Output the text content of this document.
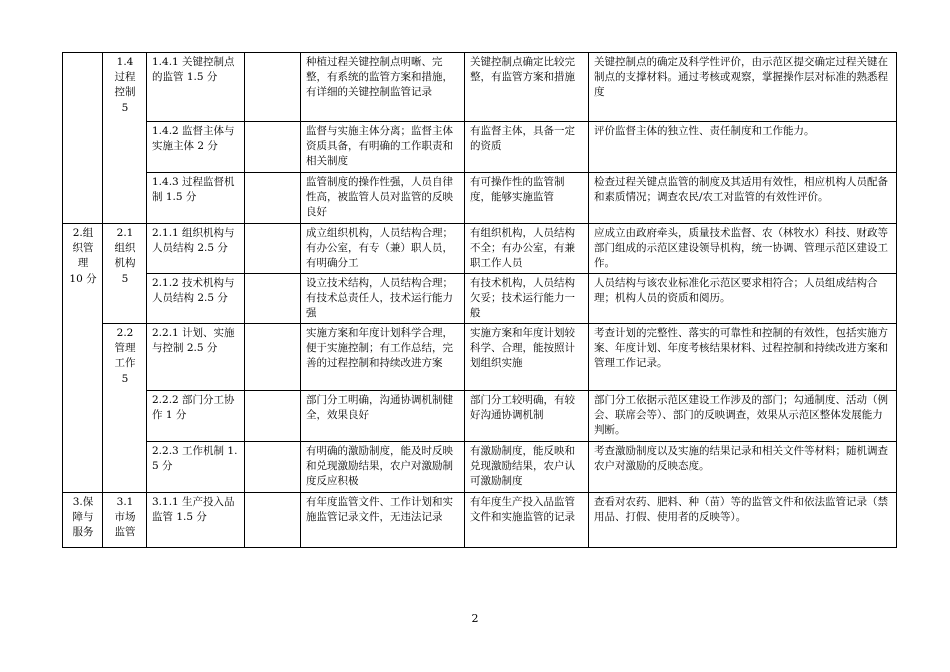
	1.4
过程
控制
5	1.4.1 关键控制点的监管 1.5 分		种植过程关键控制点明晰、完整，有系统的监管方案和措施，有详细的关键控制监管记录	关键控制点确定比较完整，有监管方案和措施	关键控制点的确定及科学性评价，由示范区提交确定过程关键在制点的支撑材料。通过考核或观察，掌握操作层对标准的熟悉程度
		1.4.2 监督主体与实施主体 2 分		监督与实施主体分离；监督主体资质具备，有明确的工作职责和相关制度	有监督主体，具备一定的资质	评价监督主体的独立性、责任制度和工作能力。
		1.4.3 过程监督机制 1.5 分		监管制度的操作性强，人员自律性高，被监管人员对监管的反映良好	有可操作性的监管制度，能够实施监管	检查过程关键点监管的制度及其适用有效性，相应机构人员配备和素质情况；调查农民/农工对监管的有效性评价。
2.组
织管
理
10 分	2.1
组织
机构
5	2.1.1 组织机构与人员结构 2.5 分		成立组织机构，人员结构合理；有办公室，有专（兼）职人员，有明确分工	有组织机构，人员结构不全；有办公室，有兼职工作人员	应成立由政府牵头，质量技术监督、农（林牧水）科技、财政等部门组成的示范区建设领导机构，统一协调、管理示范区建设工作。
		2.1.2 技术机构与人员结构 2.5 分		设立技术结构，人员结构合理；有技术总责任人，技术运行能力强	有技术机构，人员结构欠妥；技术运行能力一般	人员结构与该农业标准化示范区要求相符合；人员组成结构合理；机构人员的资质和阅历。
	2.2
管理
工作
5	2.2.1 计划、实施与控制 2.5 分		实施方案和年度计划科学合理，便于实施控制；有工作总结，完善的过程控制和持续改进方案	实施方案和年度计划较科学、合理，能按照计划组织实施	考查计划的完整性、落实的可靠性和控制的有效性，包括实施方案、年度计划、年度考核结果材料、过程控制和持续改进方案和管理工作记录。
		2.2.2 部门分工协作 1 分		部门分工明确，沟通协调机制健全，效果良好	部门分工较明确，有较好沟通协调机制	部门分工依据示范区建设工作涉及的部门；勾通制度、活动（例会、联席会等）、部门的反映调查，效果从示范区整体发展能力判断。
		2.2.3 工作机制 1.5 分		有明确的激励制度，能及时反映和兑现激励结果，农户对激励制度反应积极	有激励制度，能反映和兑现激励结果，农户认可激励制度	考查激励制度以及实施的结果记录和相关文件等材料；随机调查农户对激励的反映态度。
3.保
障与
服务	3.1
市场
监管	3.1.1 生产投入品监管 1.5 分		有年度监管文件、工作计划和实施监管记录文件，无违法记录	有年度生产投入品监管文件和实施监管的记录	查看对农药、肥料、种（苗）等的监管文件和依法监管记录（禁用品、打假、使用者的反映等）。
2
